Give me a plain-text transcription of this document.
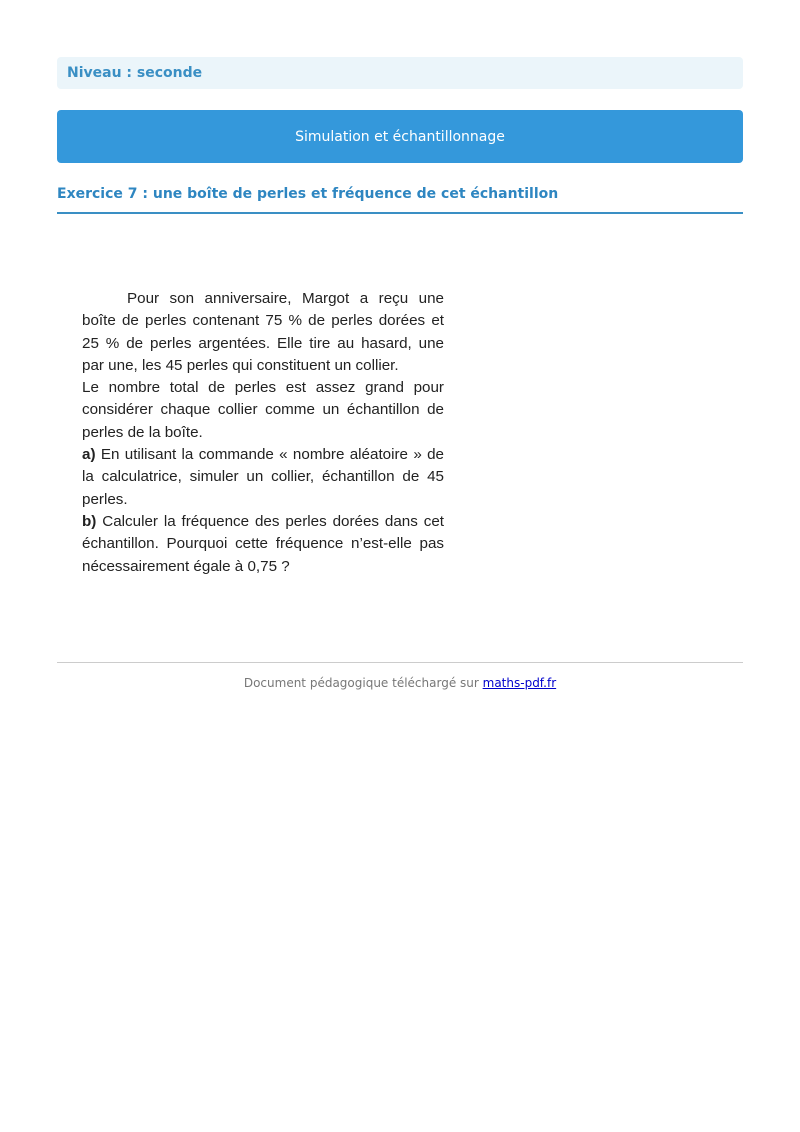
Niveau : seconde
Simulation et échantillonnage
Exercice 7 : une boîte de perles et fréquence de cet échantillon

Pour son anniversaire, Margot a reçu une boîte de perles contenant 75 % de perles dorées et 25 % de perles argentées. Elle tire au hasard, une par une, les 45 perles qui constituent un collier.

Le nombre total de perles est assez grand pour considérer chaque collier comme un échantillon de perles de la boîte.

a) En utilisant la commande « nombre aléatoire » de la calculatrice, simuler un collier, échantillon de 45 perles.

b) Calculer la fréquence des perles dorées dans cet échantillon. Pourquoi cette fréquence n’est-elle pas nécessairement égale à 0,75 ?

Document pédagogique téléchargé sur maths-pdf.fr
